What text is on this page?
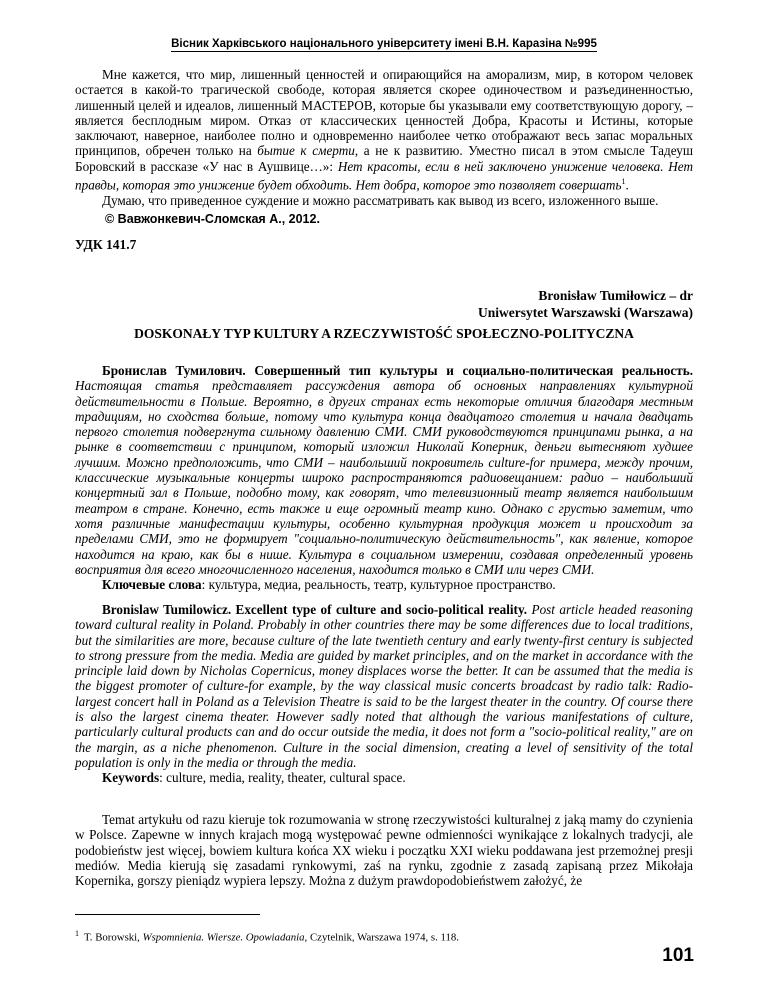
Вісник Харківського національного університету імені В.Н. Каразіна №995

Мне кажется, что мир, лишенный ценностей и опирающийся на аморализм, мир, в котором человек остается в какой-то трагической свободе, которая является скорее одиночеством и разъединенностью, лишенный целей и идеалов, лишенный МАСТЕРОВ, которые бы указывали ему соответствующую дорогу, – является бесплодным миром. Отказ от классических ценностей Добра, Красоты и Истины, которые заключают, наверное, наиболее полно и одновременно наиболее четко отображают весь запас моральных принципов, обречен только на бытие к смерти, а не к развитию. Уместно писал в этом смысле Тадеуш Боровский в рассказе «У нас в Аушвице…»: Нет красоты, если в ней заключено унижение человека. Нет правды, которая это унижение будет обходить. Нет добра, которое это позволяет совершать$^1$.

Думаю, что приведенное суждение и можно рассматривать как вывод из всего, изложенного выше.

© Вавжонкевич-Сломская А., 2012.
УДК 141.7
Bronisław Tumiłowicz – dr
Uniwersytet Warszawski (Warszawa)
DOSKONAŁY TYP KULTURY A RZECZYWISTOŚĆ SPOŁECZNO-POLITYCZNA

Бронислав Тумилович. Совершенный тип культуры и социально-политическая реальность. Настоящая статья представляет рассуждения автора об основных направлениях культурной действительности в Польше. Вероятно, в других странах есть некоторые отличия благодаря местным традициям, но сходства больше, потому что культура конца двадцатого столетия и начала двадцать первого столетия подвергнута сильному давлению СМИ. СМИ руководствуются принципами рынка, а на рынке в соответствии с принципом, который изложил Николай Коперник, деньги вытесняют худшее лучшим. Можно предположить, что СМИ – наибольший покровитель culture-for примера, между прочим, классические музыкальные концерты широко распространяются радиовещанием: радио – наибольший концертный зал в Польше, подобно тому, как говорят, что телевизионный театр является наибольшим театром в стране. Конечно, есть также и еще огромный театр кино. Однако с грустью заметим, что хотя различные манифестации культуры, особенно культурная продукция может и происходит за пределами СМИ, это не формирует "социально-политическую действительность", как явление, которое находится на краю, как бы в нише. Культура в социальном измерении, создавая определенный уровень восприятия для всего многочисленного населения, находится только в СМИ или через СМИ.

Ключевые слова: культура, медиа, реальность, театр, культурное пространство.

Bronislaw Tumilowicz. Excellent type of culture and socio-political reality. Post article headed reasoning toward cultural reality in Poland. Probably in other countries there may be some differences due to local traditions, but the similarities are more, because culture of the late twentieth century and early twenty-first century is subjected to strong pressure from the media. Media are guided by market principles, and on the market in accordance with the principle laid down by Nicholas Copernicus, money displaces worse the better. It can be assumed that the media is the biggest promoter of culture-for example, by the way classical music concerts broadcast by radio talk: Radio-largest concert hall in Poland as a Television Theatre is said to be the largest theater in the country. Of course there is also the largest cinema theater. However sadly noted that although the various manifestations of culture, particularly cultural products can and do occur outside the media, it does not form a "socio-political reality," are on the margin, as a niche phenomenon. Culture in the social dimension, creating a level of sensitivity of the total population is only in the media or through the media.

Keywords: culture, media, reality, theater, cultural space.

Temat artykułu od razu kieruje tok rozumowania w stronę rzeczywistości kulturalnej z jaką mamy do czynienia w Polsce. Zapewne w innych krajach mogą występować pewne odmienności wynikające z lokalnych tradycji, ale podobieństw jest więcej, bowiem kultura końca XX wieku i początku XXI wieku poddawana jest przemożnej presji mediów. Media kierują się zasadami rynkowymi, zaś na rynku, zgodnie z zasadą zapisaną przez Mikołaja Kopernika, gorszy pieniądz wypiera lepszy. Można z dużym prawdopodobieństwem założyć, że

$^1$ T. Borowski, Wspomnienia. Wiersze. Opowiadania, Czytelnik, Warszawa 1974, s. 118.
101
